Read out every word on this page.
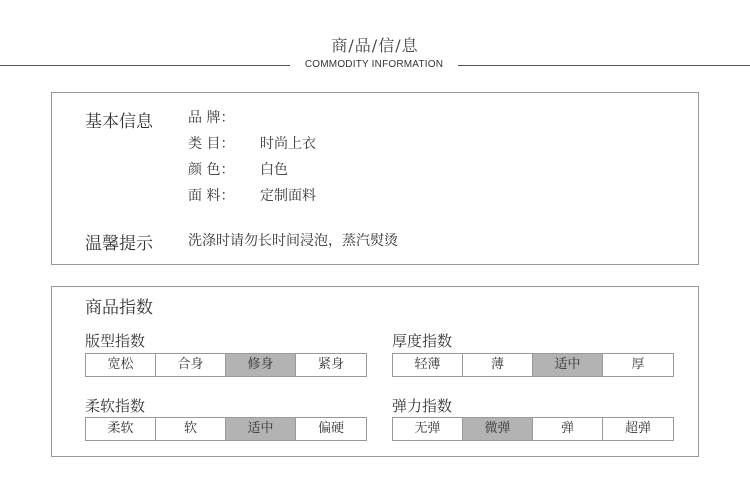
商/品/信/息
COMMODITY INFORMATION
基本信息	品 牌：
类 目： 时尚上衣
颜 色： 白色
面 料： 定制面料
温馨提示	洗涤时请勿长时间浸泡，蒸汽熨烫
商品指数
版型指数
宽松	合身	修身	紧身
厚度指数
轻薄	薄	适中	厚
柔软指数
柔软	软	适中	偏硬
弹力指数
无弹	微弹	弹	超弹
